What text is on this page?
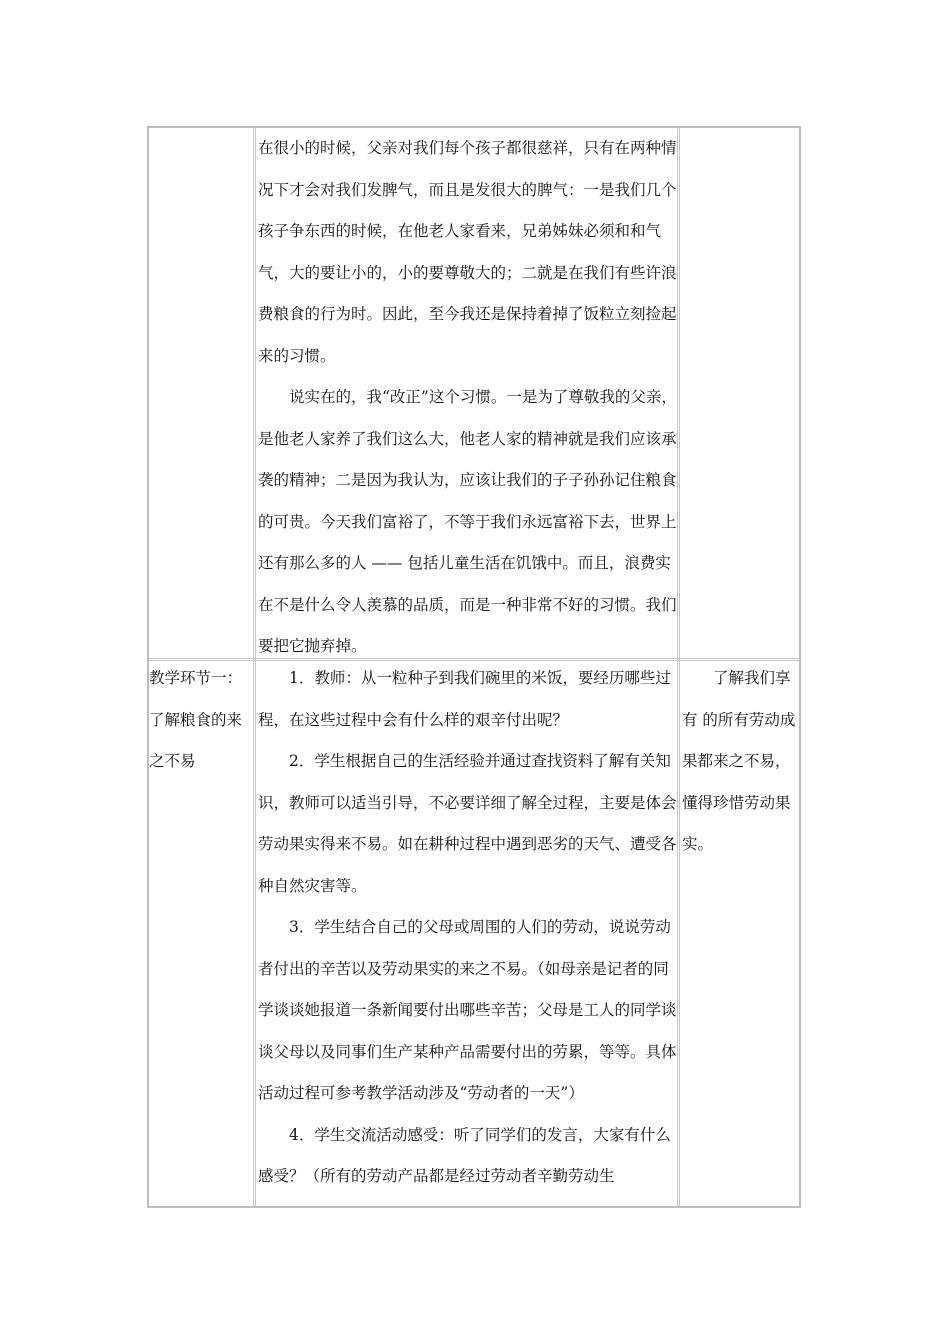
在很小的时候，父亲对我们每个孩子都很慈祥，只有在两种情况下才会对我们发脾气，而且是发很大的脾气：一是我们几个孩子争东西的时候，在他老人家看来，兄弟姊妹必须和和气气，大的要让小的，小的要尊敬大的；二就是在我们有些许浪费粮食的行为时。因此，至今我还是保持着掉了饭粒立刻捡起来的习惯。

说实在的，我“改正”这个习惯。一是为了尊敬我的父亲，是他老人家养了我们这么大，他老人家的精神就是我们应该承袭的精神；二是因为我认为，应该让我们的子子孙孙记住粮食的可贵。今天我们富裕了，不等于我们永远富裕下去，世界上还有那么多的人 —— 包括儿童生活在饥饿中。而且，浪费实在不是什么令人羡慕的品质，而是一种非常不好的习惯。我们要把它抛弃掉。

教学环节一：了解粮食的来之不易

1．教师：从一粒种子到我们碗里的米饭，要经历哪些过程，在这些过程中会有什么样的艰辛付出呢？

2．学生根据自己的生活经验并通过查找资料了解有关知识，教师可以适当引导，不必要详细了解全过程，主要是体会劳动果实得来不易。如在耕种过程中遇到恶劣的天气、遭受各种自然灾害等。

3．学生结合自己的父母或周围的人们的劳动，说说劳动者付出的辛苦以及劳动果实的来之不易。（如母亲是记者的同学谈谈她报道一条新闻要付出哪些辛苦；父母是工人的同学谈谈父母以及同事们生产某种产品需要付出的劳累，等等。具体活动过程可参考教学活动涉及“劳动者的一天”）

4．学生交流活动感受：听了同学们的发言，大家有什么感受？（所有的劳动产品都是经过劳动者辛勤劳动生

了解我们享有 的所有劳动成 果都来之不易，懂得珍惜劳动果实。
